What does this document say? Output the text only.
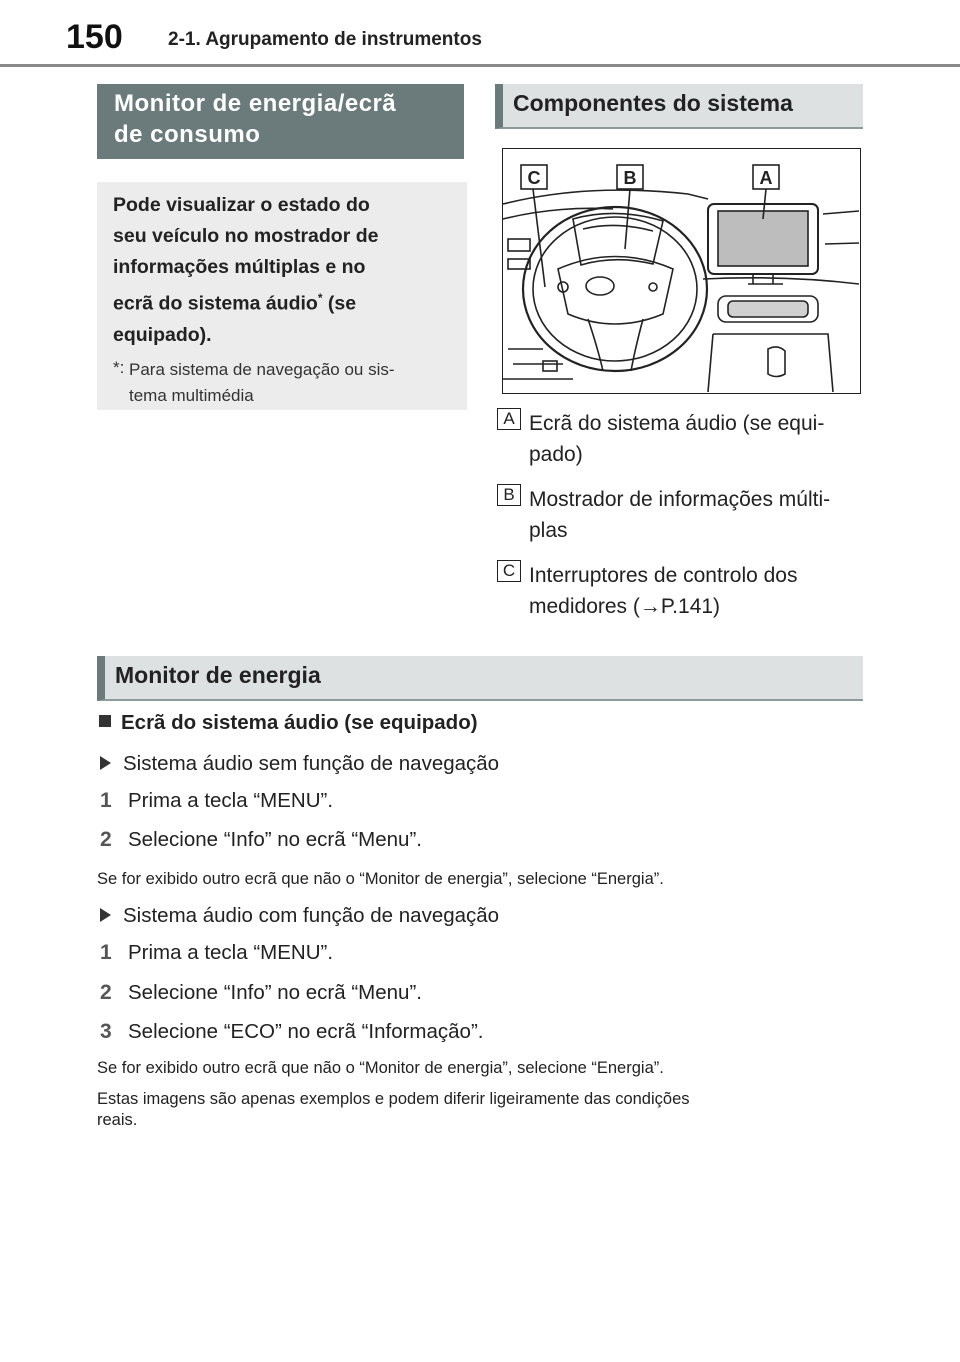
150 2-1. Agrupamento de instrumentos
Monitor de energia/ecrã
de consumo
Pode visualizar o estado do
seu veículo no mostrador de
informações múltiplas e no
ecrã do sistema áudio* (se
equipado).
*: Para sistema de navegação ou sis-
tema multimédia
Componentes do sistema
C	B	A
A Ecrã do sistema áudio (se equi-
pado)
B Mostrador de informações múlti-
plas
C Interruptores de controlo dos
medidores (→P.141)
Monitor de energia
Ecrã do sistema áudio (se equipado)
Sistema áudio sem função de navegação
1 Prima a tecla “MENU”.
2 Selecione “Info” no ecrã “Menu”.
Se for exibido outro ecrã que não o “Monitor de energia”, selecione “Energia”.
Sistema áudio com função de navegação
1 Prima a tecla “MENU”.
2 Selecione “Info” no ecrã “Menu”.
3 Selecione “ECO” no ecrã “Informação”.
Se for exibido outro ecrã que não o “Monitor de energia”, selecione “Energia”.
Estas imagens são apenas exemplos e podem diferir ligeiramente das condições
reais.
